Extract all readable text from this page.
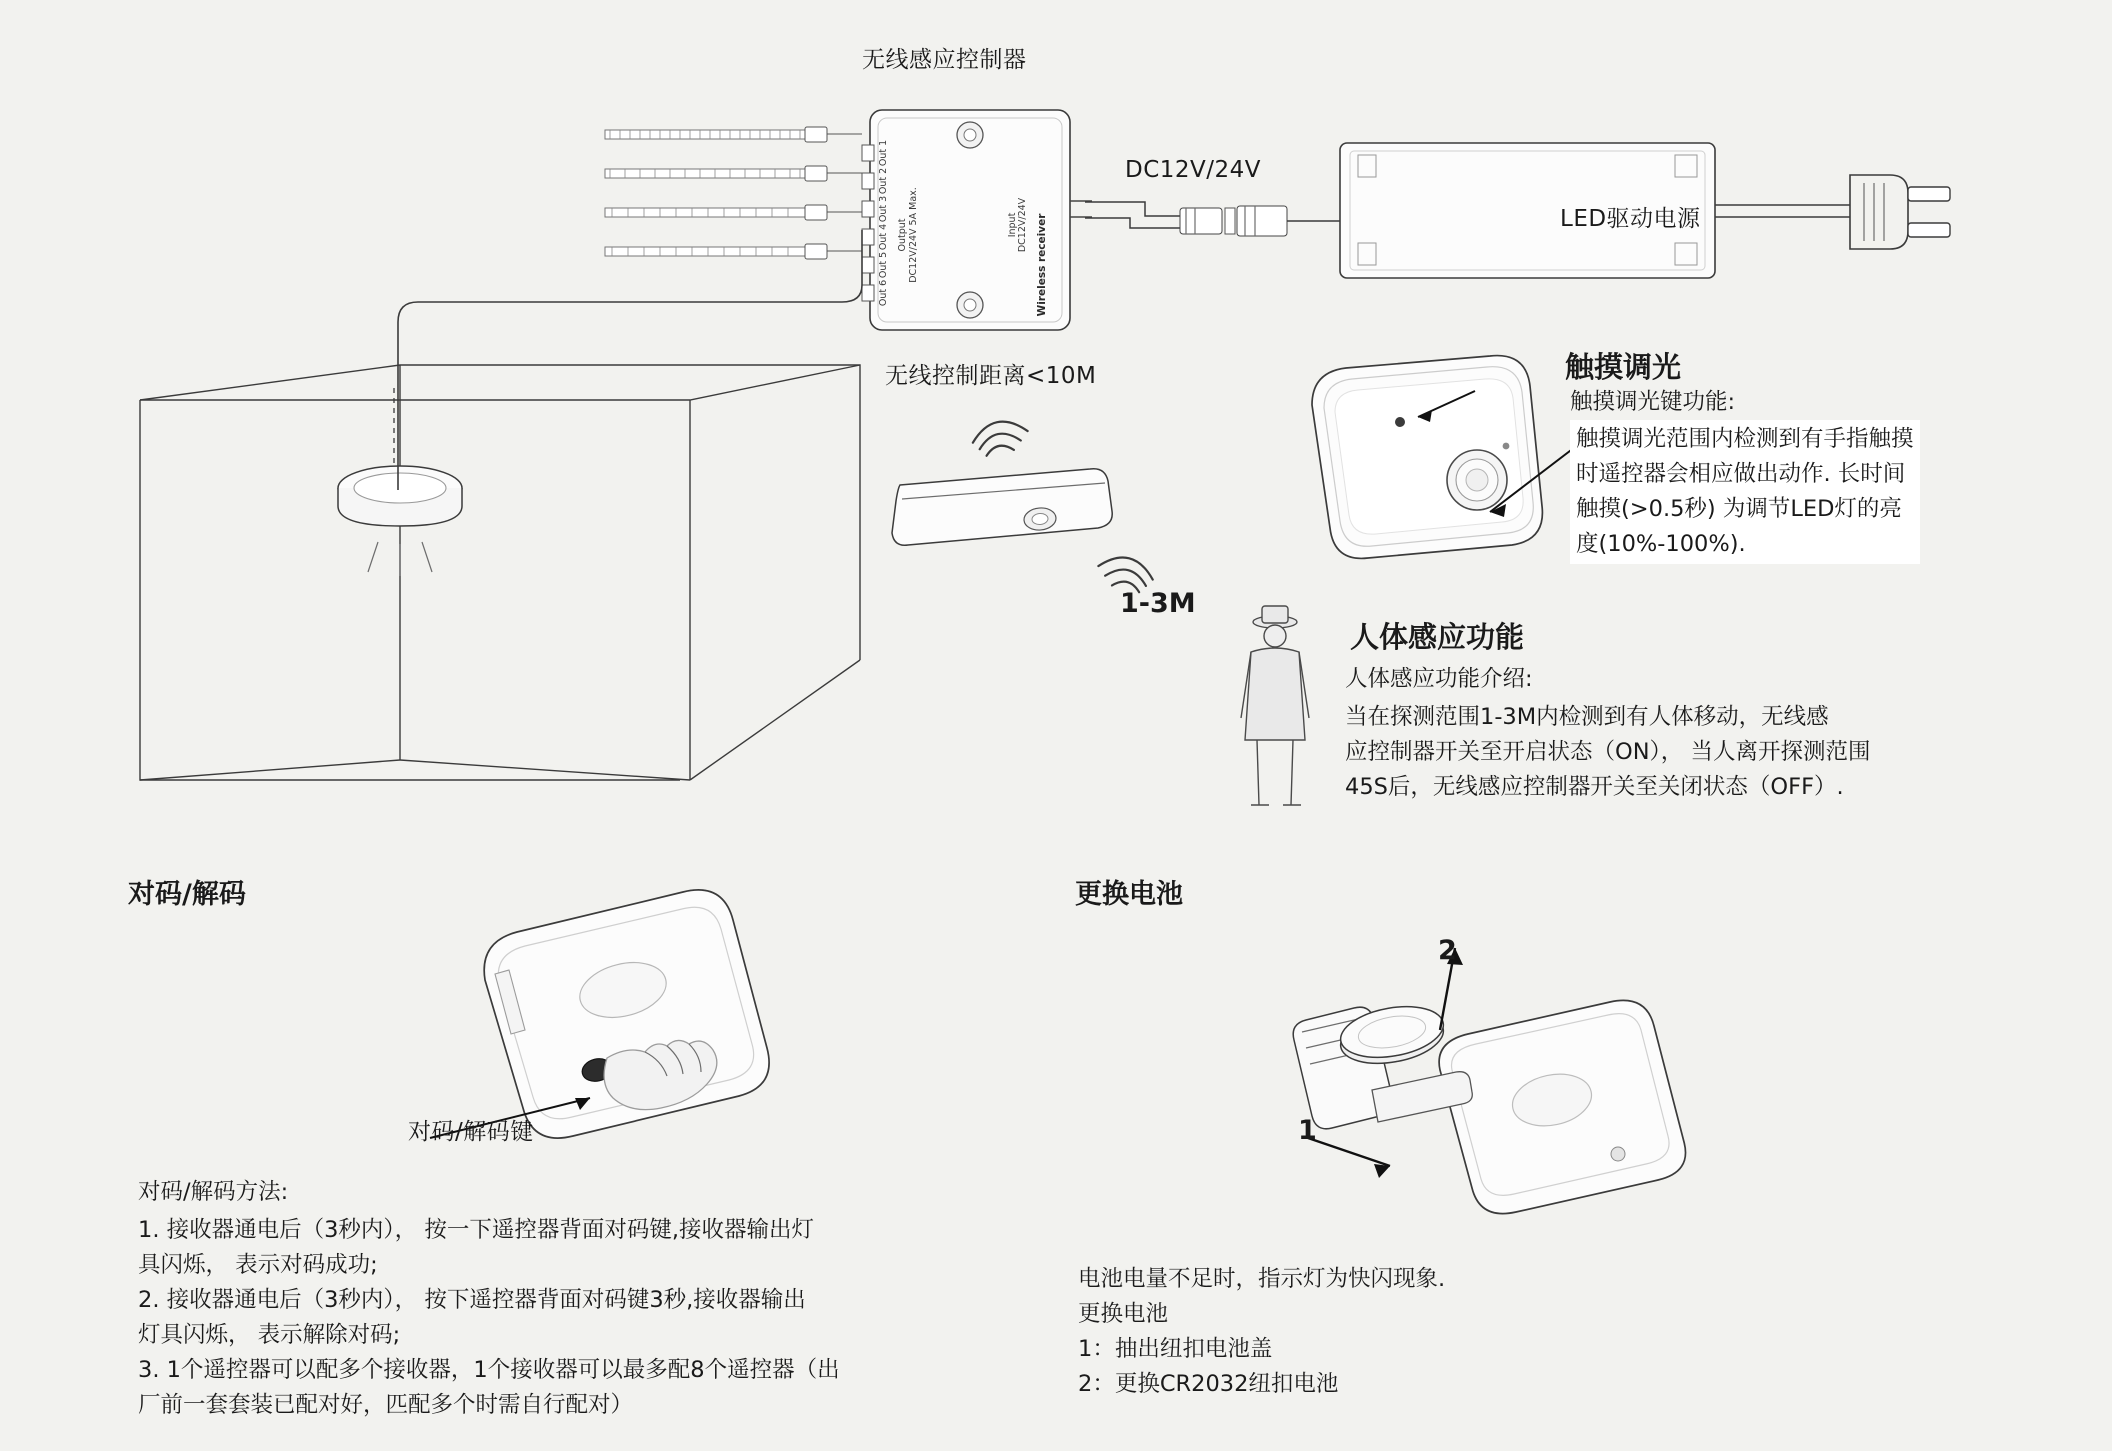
无线感应控制器
Out 1
Out 2
Out 3
Out 4
Out 5
Out 6
Output DC12V/24V 5A Max.	Input DC12V/24V Wireless receiver
DC12V/24V
LED驱动电源
无线控制距离<10M
1-3M
触摸调光
触摸调光键功能:
触摸调光范围内检测到有手指触摸
时遥控器会相应做出动作. 长时间
触摸(>0.5秒) 为调节LED灯的亮
度(10%-100%).
人体感应功能
人体感应功能介绍:
当在探测范围1-3M内检测到有人体移动，无线感
应控制器开关至开启状态（ON）， 当人离开探测范围
45S后，无线感应控制器开关至关闭状态（OFF）.
对码/解码
对码/解码键
对码/解码方法:
1. 接收器通电后（3秒内）， 按一下遥控器背面对码键,接收器输出灯
具闪烁， 表示对码成功;
2. 接收器通电后（3秒内）， 按下遥控器背面对码键3秒,接收器输出
灯具闪烁， 表示解除对码;
3. 1个遥控器可以配多个接收器，1个接收器可以最多配8个遥控器（出
厂前一套套装已配对好，匹配多个时需自行配对）
更换电池
2
1
电池电量不足时，指示灯为快闪现象.
更换电池
1：抽出纽扣电池盖
2：更换CR2032纽扣电池
